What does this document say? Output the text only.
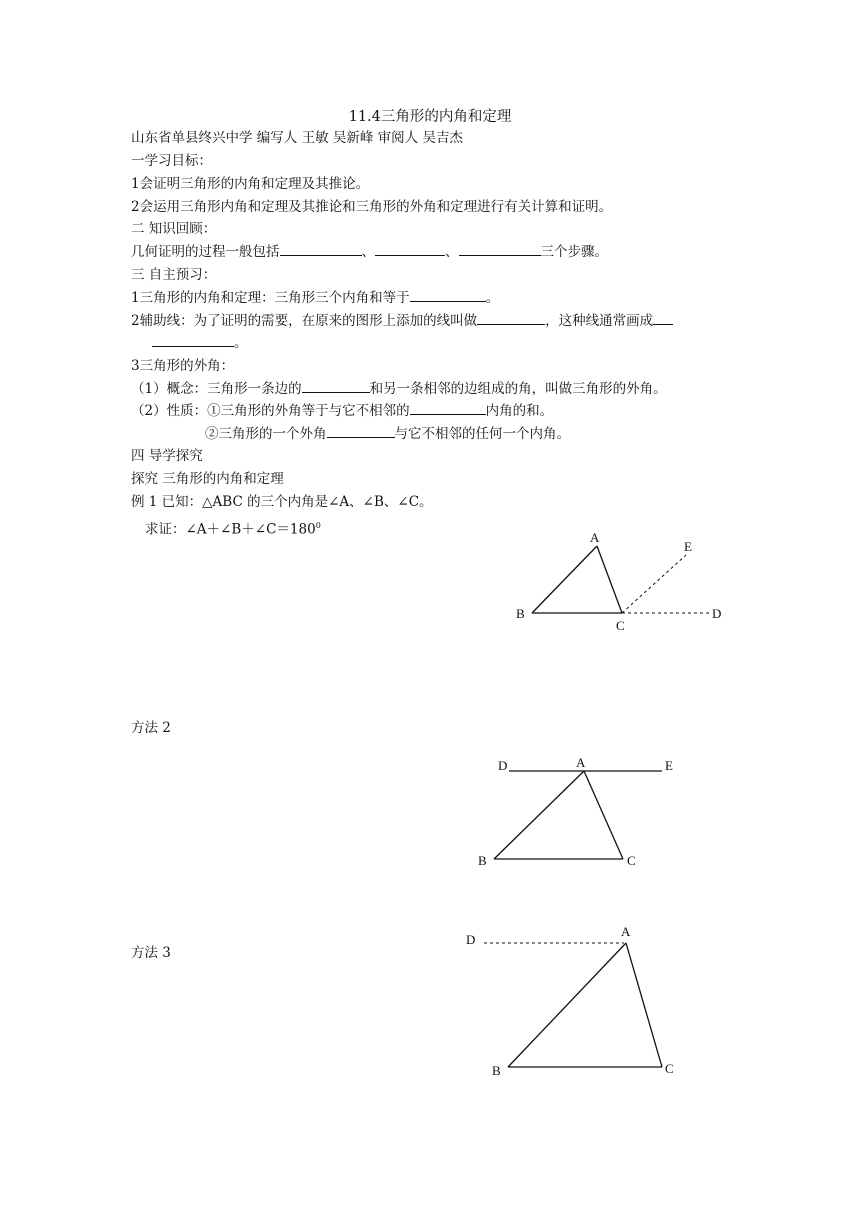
11.4三角形的内角和定理
山东省单县终兴中学 编写人 王敏 吴新峰 审阅人 吴吉杰
一学习目标：
1会证明三角形的内角和定理及其推论。
2会运用三角形内角和定理及其推论和三角形的外角和定理进行有关计算和证明。
二 知识回顾：
几何证明的过程一般包括	、	、	三个步骤。
三 自主预习：
1三角形的内角和定理：三角形三个内角和等于	。
2辅助线：为了证明的需要，在原来的图形上添加的线叫做	，这种线通常画成
。
3三角形的外角：
（1）概念：三角形一条边的	和另一条相邻的边组成的角，叫做三角形的外角。
（2）性质：①三角形的外角等于与它不相邻的	内角的和。
②三角形的一个外角	与它不相邻的任何一个内角。
四 导学探究
探究 三角形的内角和定理
例 1 已知：△ABC 的三个内角是∠A、∠B、∠C。
求证：$\angle A+\angle B+\angle C=180^0$
方法 2
方法 3
A
B
C
D
E
D	A	E
B	C
D
A
B	C
